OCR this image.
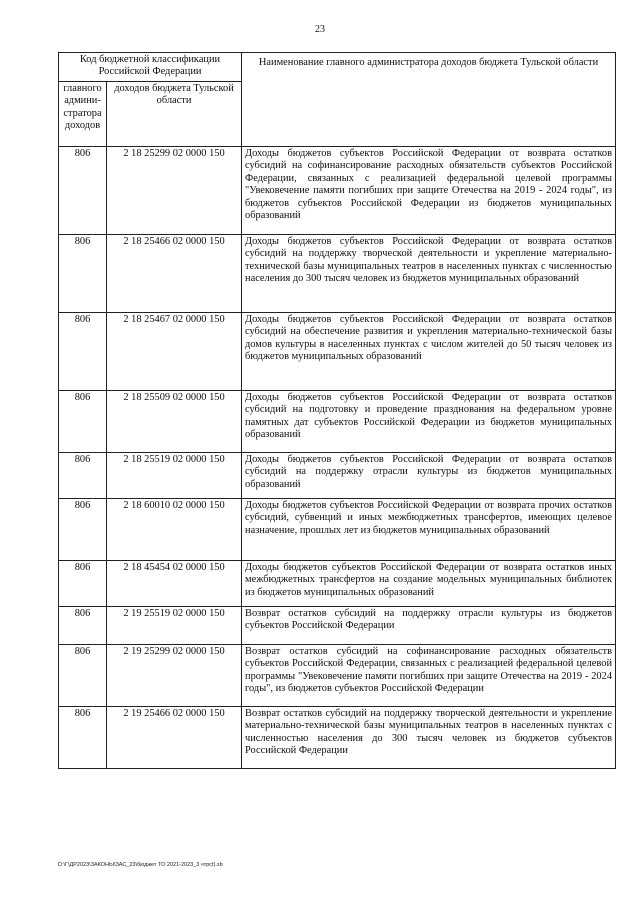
23
Код бюджетной классификации Российской Федерации		Наименование главного администратора доходов бюджета Тульской области
главного админи-стратора доходов	доходов бюджета Тульской области	
806	2 18 25299 02 0000 150	Доходы бюджетов субъектов Российской Федерации от возврата остатков субсидий на софинансирование расходных обязательств субъектов Российской Федерации, связанных с реализацией федеральной целевой программы "Увековечение памяти погибших при защите Отечества на 2019 - 2024 годы", из бюджетов субъектов Российской Федерации из бюджетов муниципальных образований
806	2 18 25466 02 0000 150	Доходы бюджетов субъектов Российской Федерации от возврата остатков субсидий на поддержку творческой деятельности и укрепление материально-технической базы муниципальных театров в населенных пунктах с численностью населения до 300 тысяч человек из бюджетов муниципальных образований
806	2 18 25467 02 0000 150	Доходы бюджетов субъектов Российской Федерации от возврата остатков субсидий на обеспечение развития и укрепления материально-технической базы домов культуры в населенных пунктах с числом жителей до 50 тысяч человек из бюджетов муниципальных образований
806	2 18 25509 02 0000 150	Доходы бюджетов субъектов Российской Федерации от возврата остатков субсидий на подготовку и проведение празднования на федеральном уровне памятных дат субъектов Российской Федерации из бюджетов муниципальных образований
806	2 18 25519 02 0000 150	Доходы бюджетов субъектов Российской Федерации от возврата остатков субсидий на поддержку отрасли культуры из бюджетов муниципальных образований
806	2 18 60010 02 0000 150	Доходы бюджетов субъектов Российской Федерации от возврата прочих остатков субсидий, субвенций и иных межбюджетных трансфертов, имеющих целевое назначение, прошлых лет из бюджетов муниципальных образований
806	2 18 45454 02 0000 150	Доходы бюджетов субъектов Российской Федерации от возврата остатков иных межбюджетных трансфертов на создание модельных муниципальных библиотек из бюджетов муниципальных образований
806	2 19 25519 02 0000 150	Возврат остатков субсидий на поддержку отрасли культуры из бюджетов субъектов Российской Федерации
806	2 19 25299 02 0000 150	Возврат остатков субсидий на софинансирование расходных обязательств субъектов Российской Федерации, связанных с реализацией федеральной целевой программы "Увековечение памяти погибших при защите Отечества на 2019 - 2024 годы", из бюджетов субъектов Российской Федерации
806	2 19 25466 02 0000 150	Возврат остатков субсидий на поддержку творческой деятельности и укрепление материально-технической базы муниципальных театров в населенных пунктах с численностью населения до 300 тысяч человек из бюджетов субъектов Российской Федерации
D:\Г\ДР2023\ЗАКОНЫ\ЗАС_23\бюджет ТО 2021-2023_3 чтрсt).sb
